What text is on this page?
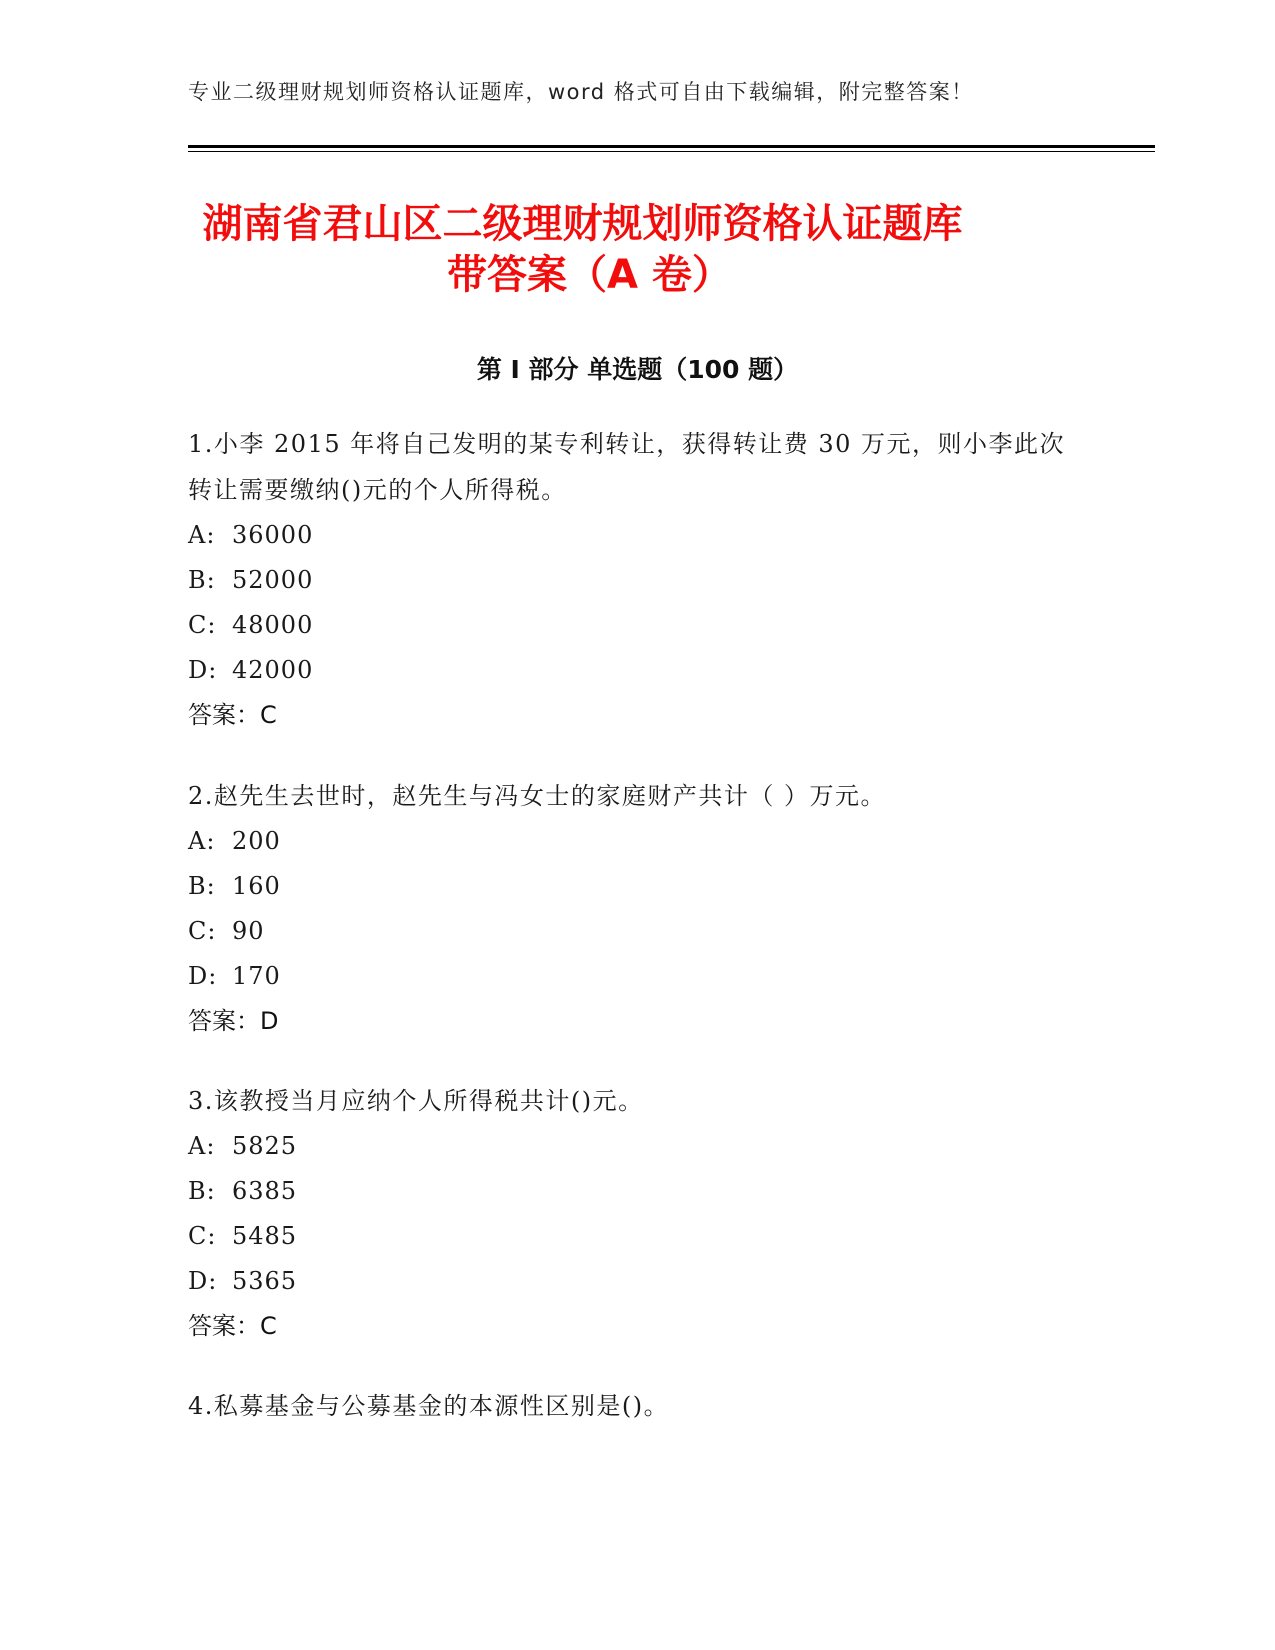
专业二级理财规划师资格认证题库，word 格式可自由下载编辑，附完整答案！
湖南省君山区二级理财规划师资格认证题库
带答案（A 卷）
第 I 部分 单选题（100 题）

1.小李 2015 年将自己发明的某专利转让，获得转让费 30 万元，则小李此次转让需要缴纳()元的个人所得税。

A: 36000

B: 52000

C: 48000

D: 42000

答案：C

2.赵先生去世时，赵先生与冯女士的家庭财产共计（ ）万元。

A: 200

B: 160

C: 90

D: 170

答案：D

3.该教授当月应纳个人所得税共计()元。

A: 5825

B: 6385

C: 5485

D: 5365

答案：C

4.私募基金与公募基金的本源性区别是()。
